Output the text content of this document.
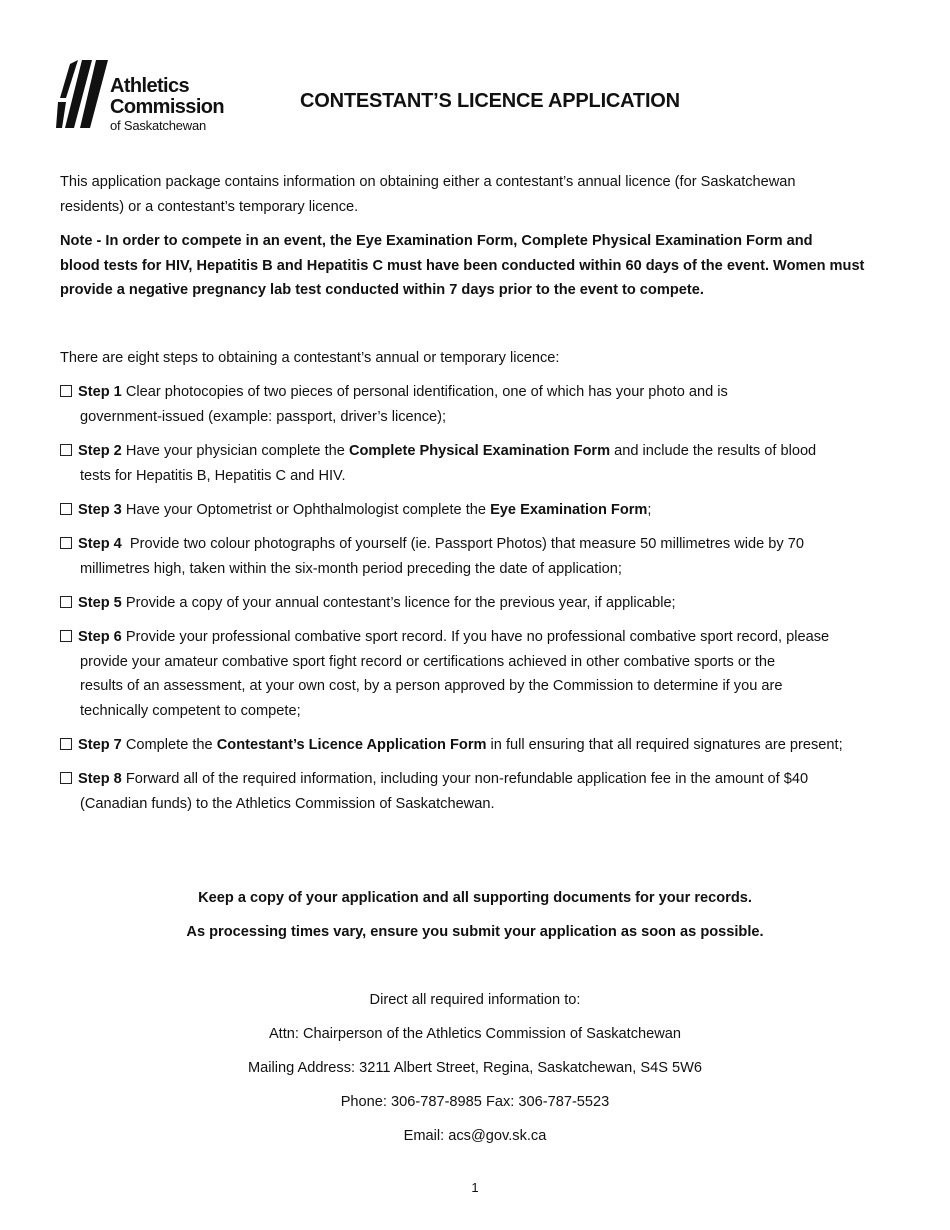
Athletics
Commission
of Saskatchewan
CONTESTANT’S LICENCE APPLICATION
This application package contains information on obtaining either a contestant’s annual licence (for Saskatchewan
residents) or a contestant’s temporary licence.
Note - In order to compete in an event, the Eye Examination Form, Complete Physical Examination Form and
blood tests for HIV, Hepatitis B and Hepatitis C must have been conducted within 60 days of the event. Women must
provide a negative pregnancy lab test conducted within 7 days prior to the event to compete.
There are eight steps to obtaining a contestant’s annual or temporary licence:
Step 1 Clear photocopies of two pieces of personal identification, one of which has your photo and is
government-issued (example: passport, driver’s licence);
Step 2 Have your physician complete the Complete Physical Examination Form and include the results of blood
tests for Hepatitis B, Hepatitis C and HIV.
Step 3 Have your Optometrist or Ophthalmologist complete the Eye Examination Form;
Step 4 Provide two colour photographs of yourself (ie. Passport Photos) that measure 50 millimetres wide by 70
millimetres high, taken within the six-month period preceding the date of application;
Step 5 Provide a copy of your annual contestant’s licence for the previous year, if applicable;
Step 6 Provide your professional combative sport record. If you have no professional combative sport record, please
provide your amateur combative sport fight record or certifications achieved in other combative sports or the
results of an assessment, at your own cost, by a person approved by the Commission to determine if you are
technically competent to compete;
Step 7 Complete the Contestant’s Licence Application Form in full ensuring that all required signatures are present;
Step 8 Forward all of the required information, including your non-refundable application fee in the amount of $40
(Canadian funds) to the Athletics Commission of Saskatchewan.
Keep a copy of your application and all supporting documents for your records.
As processing times vary, ensure you submit your application as soon as possible.
Direct all required information to:
Attn: Chairperson of the Athletics Commission of Saskatchewan
Mailing Address: 3211 Albert Street, Regina, Saskatchewan, S4S 5W6
Phone: 306-787-8985 Fax: 306-787-5523
Email: acs@gov.sk.ca
1
